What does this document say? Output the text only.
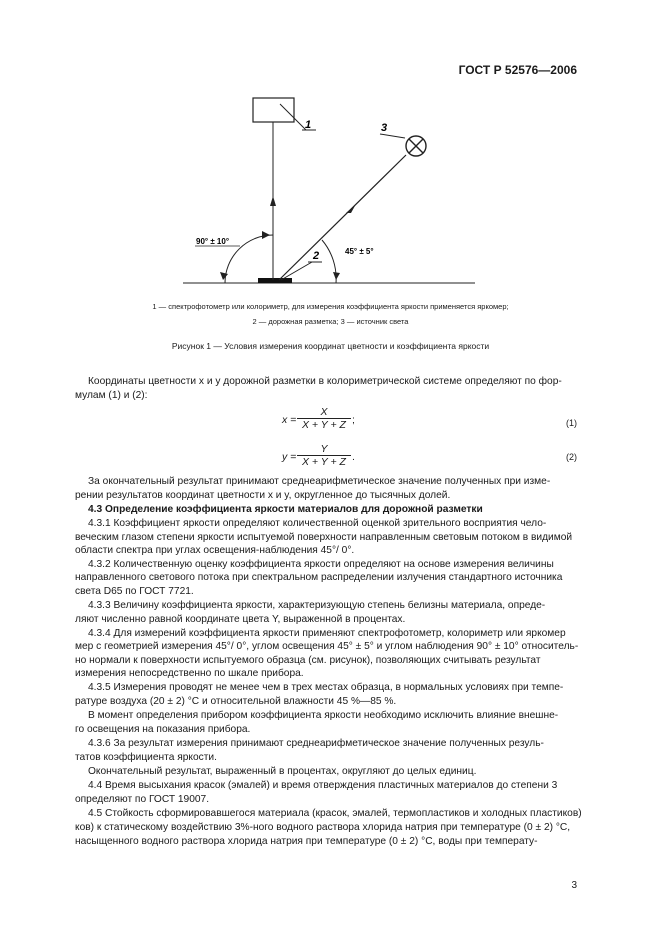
ГОСТ Р 52576—2006
1
2
3
90° ± 10°
45° ± 5°
1 — спектрофотометр или колориметр, для измерения коэффициента яркости применяется яркомер;
2 — дорожная разметка; 3 — источник света
Рисунок 1 — Условия измерения координат цветности и коэффициента яркости
Координаты цветности x и y дорожной разметки в колориметрической системе определяют по фор-
мулам (1) и (2):
$x = \frac{X}{X + Y + Z}$ ;	(1)
$y = \frac{Y}{X + Y + Z}$ .	(2)
За окончательный результат принимают среднеарифметическое значение полученных при изме-
рении результатов координат цветности x и y, округленное до тысячных долей.
4.3 Определение коэффициента яркости материалов для дорожной разметки
4.3.1 Коэффициент яркости определяют количественной оценкой зрительного восприятия чело-
веческим глазом степени яркости испытуемой поверхности направленным световым потоком в видимой
области спектра при углах освещения-наблюдения 45°/ 0°.
4.3.2 Количественную оценку коэффициента яркости определяют на основе измерения величины
направленного светового потока при спектральном распределении излучения стандартного источника
света D65 по ГОСТ 7721.
4.3.3 Величину коэффициента яркости, характеризующую степень белизны материала, опреде-
ляют численно равной координате цвета Y, выраженной в процентах.
4.3.4 Для измерений коэффициента яркости применяют спектрофотометр, колориметр или яркомер
мер с геометрией измерения 45°/ 0°, углом освещения 45° ± 5° и углом наблюдения 90° ± 10° относитель-
но нормали к поверхности испытуемого образца (см. рисунок), позволяющих считывать результат
измерения непосредственно по шкале прибора.
4.3.5 Измерения проводят не менее чем в трех местах образца, в нормальных условиях при темпе-
ратуре воздуха (20 ± 2) °С и относительной влажности 45 %—85 %.
В момент определения прибором коэффициента яркости необходимо исключить влияние внешне-
го освещения на показания прибора.
4.3.6 За результат измерения принимают среднеарифметическое значение полученных резуль-
татов коэффициента яркости.
Окончательный результат, выраженный в процентах, округляют до целых единиц.
4.4 Время высыхания красок (эмалей) и время отверждения пластичных материалов до степени 3
определяют по ГОСТ 19007.
4.5 Стойкость сформировавшегося материала (красок, эмалей, термопластиков и холодных пластиков)
ков) к статическому воздействию 3%-ного водного раствора хлорида натрия при температуре (0 ± 2) °С,
насыщенного водного раствора хлорида натрия при температуре (0 ± 2) °С, воды при температу-
3
